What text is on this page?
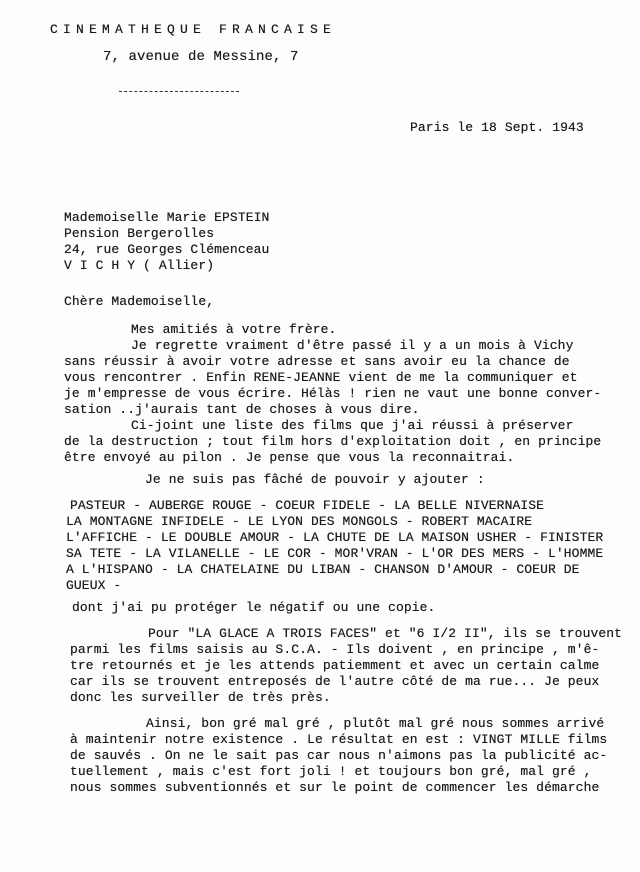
CINEMATHEQUE FRANCAISE
7, avenue de Messine, 7
Paris le 18 Sept. 1943
Mademoiselle Marie EPSTEIN
Pension Bergerolles
24, rue Georges Clémenceau
V I C H Y ( Allier)
Chère Mademoiselle,
Mes amitiés à votre frère.
Je regrette vraiment d'être passé il y a un mois à Vichy
sans réussir à avoir votre adresse et sans avoir eu la chance de
vous rencontrer . Enfin RENE-JEANNE vient de me la communiquer et
je m'empresse de vous écrire. Hélàs ! rien ne vaut une bonne conver-
sation ..j'aurais tant de choses à vous dire.
Ci-joint une liste des films que j'ai réussi à préserver
de la destruction ; tout film hors d'exploitation doit , en principe
être envoyé au pilon . Je pense que vous la reconnaitrai.
Je ne suis pas fâché de pouvoir y ajouter :
PASTEUR - AUBERGE ROUGE - COEUR FIDELE - LA BELLE NIVERNAISE
LA MONTAGNE INFIDELE - LE LYON DES MONGOLS - ROBERT MACAIRE
L'AFFICHE - LE DOUBLE AMOUR - LA CHUTE DE LA MAISON USHER - FINISTER
SA TETE - LA VILANELLE - LE COR - MOR'VRAN - L'OR DES MERS - L'HOMME
A L'HISPANO - LA CHATELAINE DU LIBAN - CHANSON D'AMOUR - COEUR DE
GUEUX -
dont j'ai pu protéger le négatif ou une copie.
Pour "LA GLACE A TROIS FACES" et "6 I/2 II", ils se trouvent
parmi les films saisis au S.C.A. - Ils doivent , en principe , m'ê-
tre retournés et je les attends patiemment et avec un certain calme
car ils se trouvent entreposés de l'autre côté de ma rue... Je peux
donc les surveiller de très près.
Ainsi, bon gré mal gré , plutôt mal gré nous sommes arrivé
à maintenir notre existence . Le résultat en est : VINGT MILLE films
de sauvés . On ne le sait pas car nous n'aimons pas la publicité ac-
tuellement , mais c'est fort joli ! et toujours bon gré, mal gré ,
nous sommes subventionnés et sur le point de commencer les démarche
